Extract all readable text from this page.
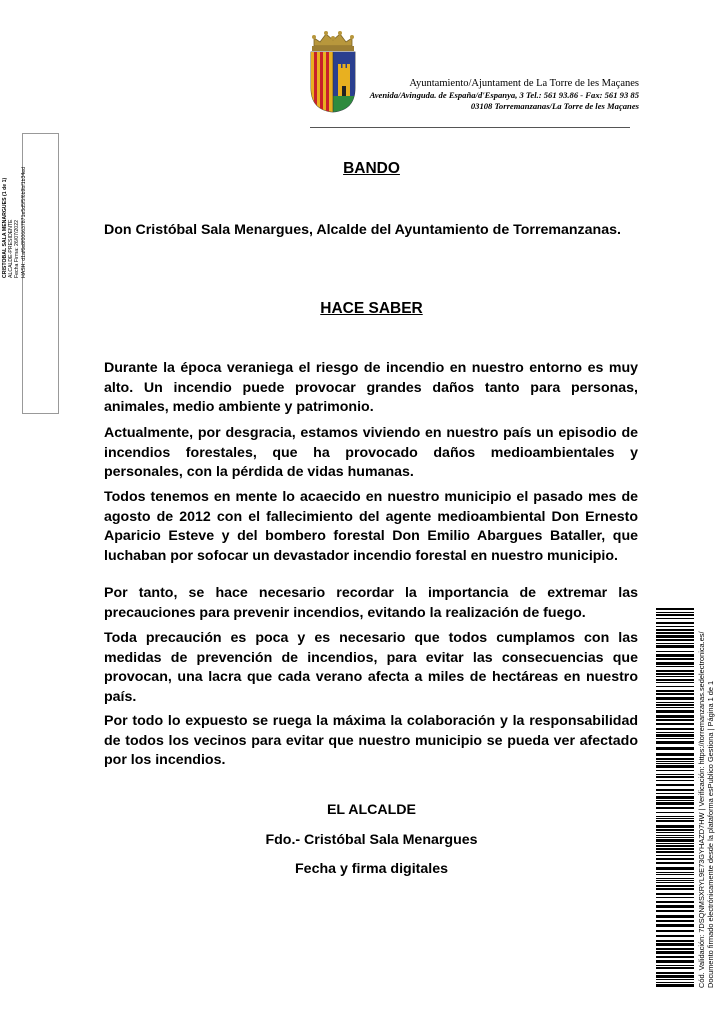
Ayuntamiento/Ajuntament de La Torre de les Maçanes
Avenida/Avinguda. de España/d'Espanya, 3 Tel.: 561 93.86 - Fax: 561 93 85
03108 Torremanzanas/La Torre de les Maçanes
CRISTOBAL SALA MENARGUES (1 de 1) ALCALDE-PRESIDENTE Fecha Firma: 26/07/2022 HASH: d1af6e8f006637871e5d5f5f6b9bf1b34ed	BANDO
Don Cristóbal Sala Menargues, Alcalde del Ayuntamiento de Torremanzanas.
HACE SABER
Durante la época veraniega el riesgo de incendio en nuestro entorno es muy alto. Un incendio puede provocar grandes daños tanto para personas, animales, medio ambiente y patrimonio.
Actualmente, por desgracia, estamos viviendo en nuestro país un episodio de incendios forestales, que ha provocado daños medioambientales y personales, con la pérdida de vidas humanas.
Todos tenemos en mente lo acaecido en nuestro municipio el pasado mes de agosto de 2012 con el fallecimiento del agente medioambiental Don Ernesto Aparicio Esteve y del bombero forestal Don Emilio Abargues Bataller, que luchaban por sofocar un devastador incendio forestal en nuestro municipio.
Por tanto, se hace necesario recordar la importancia de extremar las precauciones para prevenir incendios, evitando la realización de fuego.
Toda precaución es poca y es necesario que todos cumplamos con las medidas de prevención de incendios, para evitar las consecuencias que provocan, una lacra que cada verano afecta a miles de hectáreas en nuestro país.
Por todo lo expuesto se ruega la máxima la colaboración y la responsabilidad de todos los vecinos para evitar que nuestro municipio se pueda ver afectado por los incendios.
EL ALCALDE
Fdo.- Cristóbal Sala Menargues
Fecha y firma digitales	Cód. Validación: 7DSQNMSXRYL9E73GYHAZD7HW | Verificación: https://torremanzanas.sedelectronica.es/ Documento firmado electrónicamente desde la plataforma esPublico Gestiona | Página 1 de 1
